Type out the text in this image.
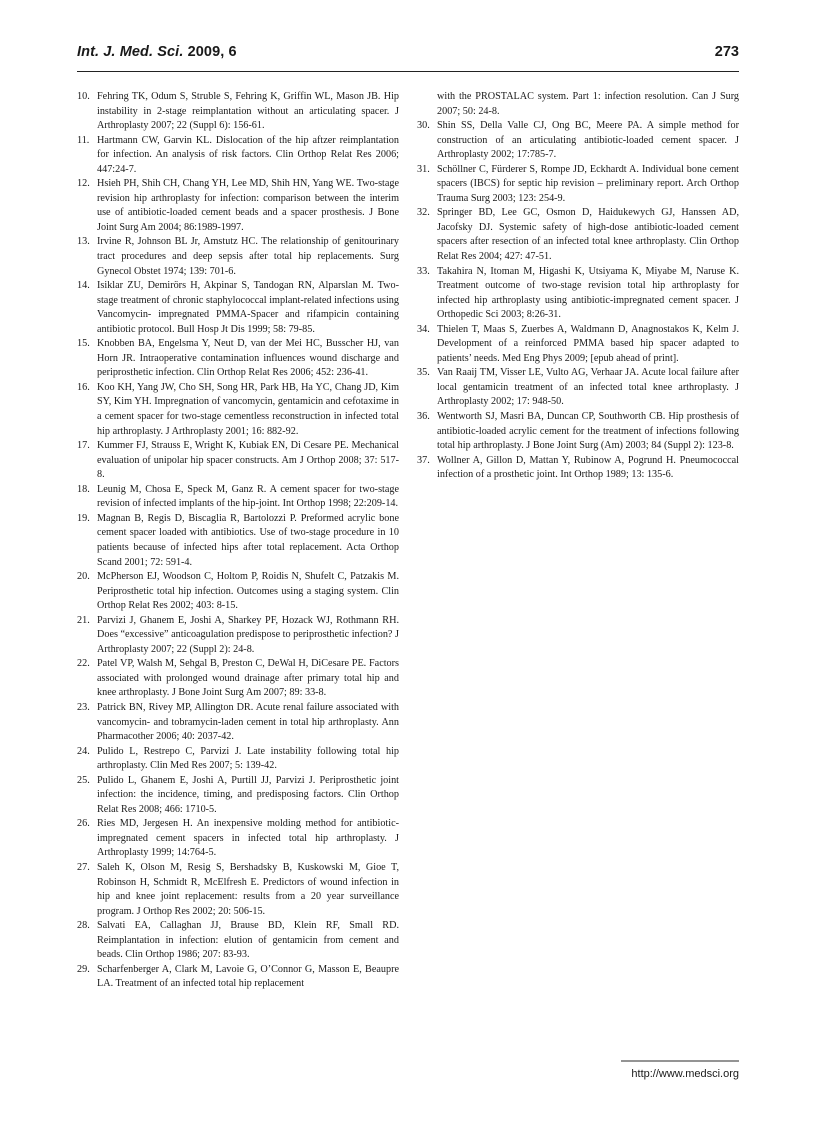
Int. J. Med. Sci. 2009, 6	273
10. Fehring TK, Odum S, Struble S, Fehring K, Griffin WL, Mason JB. Hip instability in 2-stage reimplantation without an articulating spacer. J Arthroplasty 2007; 22 (Suppl 6): 156-61.
11. Hartmann CW, Garvin KL. Dislocation of the hip aftzer reimplantation for infection. An analysis of risk factors. Clin Orthop Relat Res 2006; 447:24-7.
12. Hsieh PH, Shih CH, Chang YH, Lee MD, Shih HN, Yang WE. Two-stage revision hip arthroplasty for infection: comparison between the interim use of antibiotic-loaded cement beads and a spacer prosthesis. J Bone Joint Surg Am 2004; 86:1989-1997.
13. Irvine R, Johnson BL Jr, Amstutz HC. The relationship of genitourinary tract procedures and deep sepsis after total hip replacements. Surg Gynecol Obstet 1974; 139: 701-6.
14. Isiklar ZU, Demirörs H, Akpinar S, Tandogan RN, Alparslan M. Two-stage treatment of chronic staphylococcal implant-related infections using Vancomycin- impregnated PMMA-Spacer and rifampicin containing antibiotic protocol. Bull Hosp Jt Dis 1999; 58: 79-85.
15. Knobben BA, Engelsma Y, Neut D, van der Mei HC, Busscher HJ, van Horn JR. Intraoperative contamination influences wound discharge and periprosthetic infection. Clin Orthop Relat Res 2006; 452: 236-41.
16. Koo KH, Yang JW, Cho SH, Song HR, Park HB, Ha YC, Chang JD, Kim SY, Kim YH. Impregnation of vancomycin, gentamicin and cefotaxime in a cement spacer for two-stage cementless reconstruction in infected total hip arthroplasty. J Arthroplasty 2001; 16: 882-92.
17. Kummer FJ, Strauss E, Wright K, Kubiak EN, Di Cesare PE. Mechanical evaluation of unipolar hip spacer constructs. Am J Orthop 2008; 37: 517-8.
18. Leunig M, Chosa E, Speck M, Ganz R. A cement spacer for two-stage revision of infected implants of the hip-joint. Int Orthop 1998; 22:209-14.
19. Magnan B, Regis D, Biscaglia R, Bartolozzi P. Preformed acrylic bone cement spacer loaded with antibiotics. Use of two-stage procedure in 10 patients because of infected hips after total replacement. Acta Orthop Scand 2001; 72: 591-4.
20. McPherson EJ, Woodson C, Holtom P, Roidis N, Shufelt C, Patzakis M. Periprosthetic total hip infection. Outcomes using a staging system. Clin Orthop Relat Res 2002; 403: 8-15.
21. Parvizi J, Ghanem E, Joshi A, Sharkey PF, Hozack WJ, Rothmann RH. Does “excessive” anticoagulation predispose to periprosthetic infection? J Arthroplasty 2007; 22 (Suppl 2): 24-8.
22. Patel VP, Walsh M, Sehgal B, Preston C, DeWal H, DiCesare PE. Factors associated with prolonged wound drainage after primary total hip and knee arthroplasty. J Bone Joint Surg Am 2007; 89: 33-8.
23. Patrick BN, Rivey MP, Allington DR. Acute renal failure associated with vancomycin- and tobramycin-laden cement in total hip arthroplasty. Ann Pharmacother 2006; 40: 2037-42.
24. Pulido L, Restrepo C, Parvizi J. Late instability following total hip arthroplasty. Clin Med Res 2007; 5: 139-42.
25. Pulido L, Ghanem E, Joshi A, Purtill JJ, Parvizi J. Periprosthetic joint infection: the incidence, timing, and predisposing factors. Clin Orthop Relat Res 2008; 466: 1710-5.
26. Ries MD, Jergesen H. An inexpensive molding method for antibiotic- impregnated cement spacers in infected total hip arthroplasty. J Arthroplasty 1999; 14:764-5.
27. Saleh K, Olson M, Resig S, Bershadsky B, Kuskowski M, Gioe T, Robinson H, Schmidt R, McElfresh E. Predictors of wound infection in hip and knee joint replacement: results from a 20 year surveillance program. J Orthop Res 2002; 20: 506-15.
28. Salvati EA, Callaghan JJ, Brause BD, Klein RF, Small RD. Reimplantation in infection: elution of gentamicin from cement and beads. Clin Orthop 1986; 207: 83-93.
29. Scharfenberger A, Clark M, Lavoie G, O’Connor G, Masson E, Beaupre LA. Treatment of an infected total hip replacement
with the PROSTALAC system. Part 1: infection resolution. Can J Surg 2007; 50: 24-8.
30. Shin SS, Della Valle CJ, Ong BC, Meere PA. A simple method for construction of an articulating antibiotic-loaded cement spacer. J Arthroplasty 2002; 17:785-7.
31. Schöllner C, Fürderer S, Rompe JD, Eckhardt A. Individual bone cement spacers (IBCS) for septic hip revision – preliminary report. Arch Orthop Trauma Surg 2003; 123: 254-9.
32. Springer BD, Lee GC, Osmon D, Haidukewych GJ, Hanssen AD, Jacofsky DJ. Systemic safety of high-dose antibiotic-loaded cement spacers after resection of an infected total knee arthroplasty. Clin Orthop Relat Res 2004; 427: 47-51.
33. Takahira N, Itoman M, Higashi K, Utsiyama K, Miyabe M, Naruse K. Treatment outcome of two-stage revision total hip arthroplasty for infected hip arthroplasty using antibiotic-impregnated cement spacer. J Orthopedic Sci 2003; 8:26-31.
34. Thielen T, Maas S, Zuerbes A, Waldmann D, Anagnostakos K, Kelm J. Development of a reinforced PMMA based hip spacer adapted to patients’ needs. Med Eng Phys 2009; [epub ahead of print].
35. Van Raaij TM, Visser LE, Vulto AG, Verhaar JA. Acute local failure after local gentamicin treatment of an infected total knee arthroplasty. J Arthroplasty 2002; 17: 948-50.
36. Wentworth SJ, Masri BA, Duncan CP, Southworth CB. Hip prosthesis of antibiotic-loaded acrylic cement for the treatment of infections following total hip arthroplasty. J Bone Joint Surg (Am) 2003; 84 (Suppl 2): 123-8.
37. Wollner A, Gillon D, Mattan Y, Rubinow A, Pogrund H. Pneumococcal infection of a prosthetic joint. Int Orthop 1989; 13: 135-6.
http://www.medsci.org
